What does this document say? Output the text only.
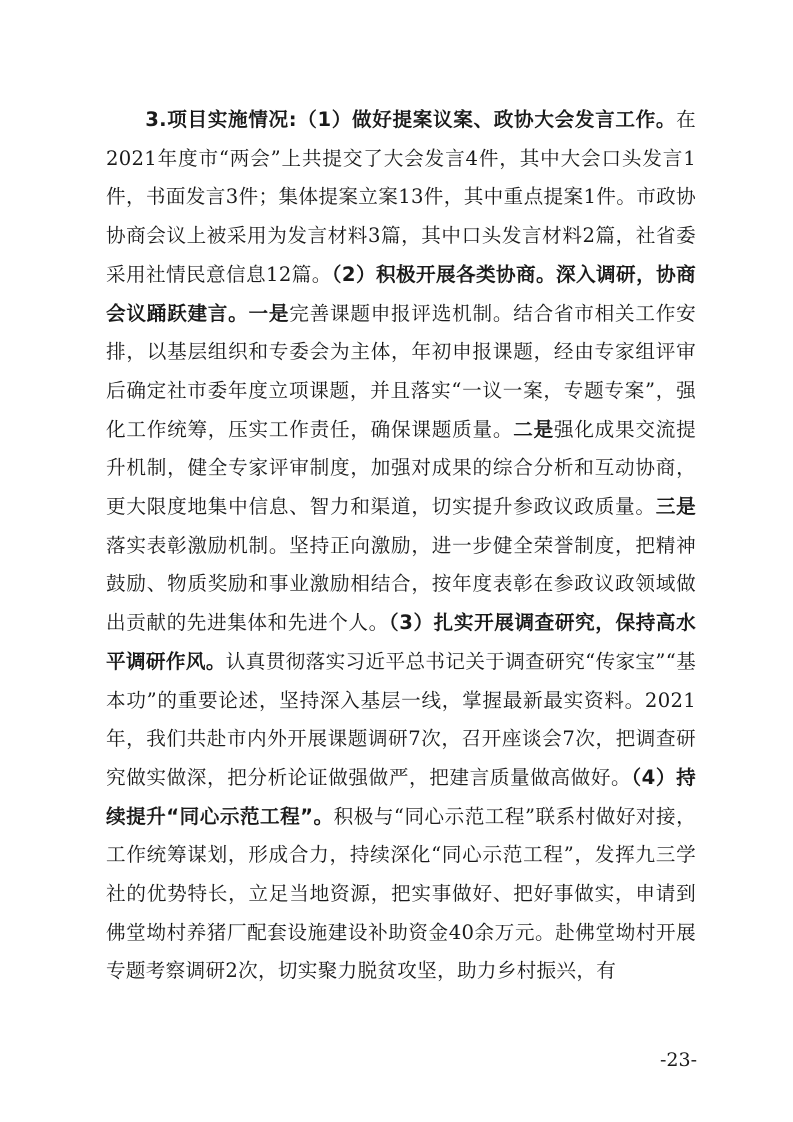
3.项目实施情况:（1）做好提案议案、政协大会发言工作。在2021年度市“两会”上共提交了大会发言4件，其中大会口头发言1件，书面发言3件；集体提案立案13件，其中重点提案1件。市政协协商会议上被采用为发言材料3篇，其中口头发言材料2篇，社省委采用社情民意信息12篇。（2）积极开展各类协商。深入调研，协商会议踊跃建言。一是完善课题申报评选机制。结合省市相关工作安排，以基层组织和专委会为主体，年初申报课题，经由专家组评审后确定社市委年度立项课题，并且落实“一议一案，专题专案”，强化工作统筹，压实工作责任，确保课题质量。二是强化成果交流提升机制，健全专家评审制度，加强对成果的综合分析和互动协商，更大限度地集中信息、智力和渠道，切实提升参政议政质量。三是落实表彰激励机制。坚持正向激励，进一步健全荣誉制度，把精神鼓励、物质奖励和事业激励相结合，按年度表彰在参政议政领域做出贡献的先进集体和先进个人。（3）扎实开展调查研究，保持高水平调研作风。认真贯彻落实习近平总书记关于调查研究“传家宝”“基本功”的重要论述，坚持深入基层一线，掌握最新最实资料。2021年，我们共赴市内外开展课题调研7次，召开座谈会7次，把调查研究做实做深，把分析论证做强做严，把建言质量做高做好。（4）持续提升“同心示范工程”。积极与“同心示范工程”联系村做好对接，工作统筹谋划，形成合力，持续深化“同心示范工程”，发挥九三学社的优势特长，立足当地资源，把实事做好、把好事做实，申请到佛堂坳村养猪厂配套设施建设补助资金40余万元。赴佛堂坳村开展专题考察调研2次，切实聚力脱贫攻坚，助力乡村振兴，有

-23-
